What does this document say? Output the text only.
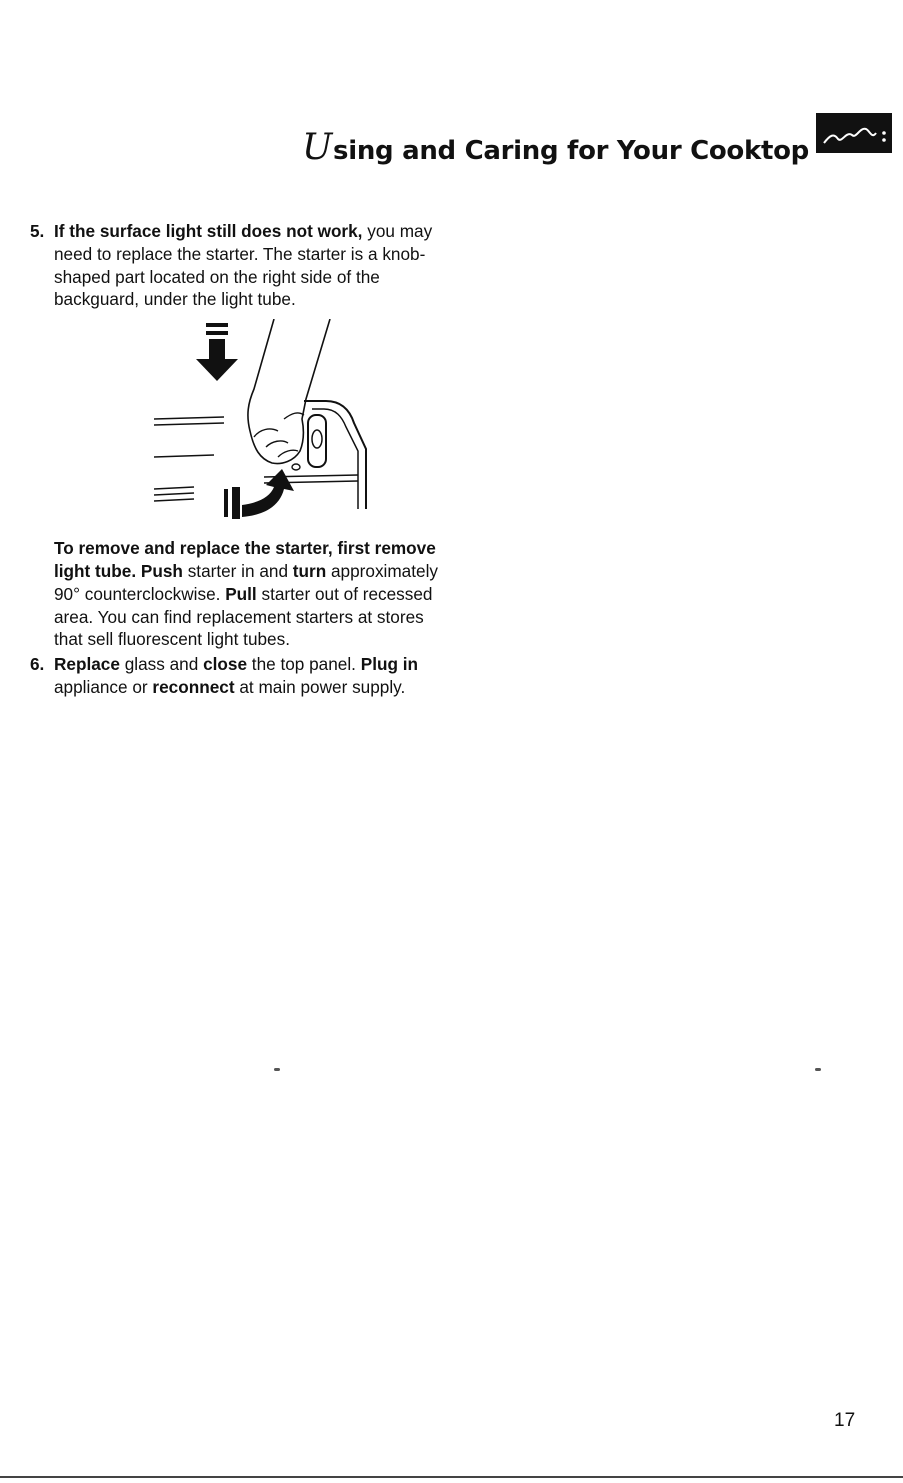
Using and Caring for Your Cooktop
5. If the surface light still does not work, you may need to replace the starter. The starter is a knob-shaped part located on the right side of the backguard, under the light tube.

To remove and replace the starter, first remove light tube. Push starter in and turn approximately 90° counterclockwise. Pull starter out of recessed area. You can find replacement starters at stores that sell fluorescent light tubes.

6. Replace glass and close the top panel. Plug in appliance or reconnect at main power supply.

17
